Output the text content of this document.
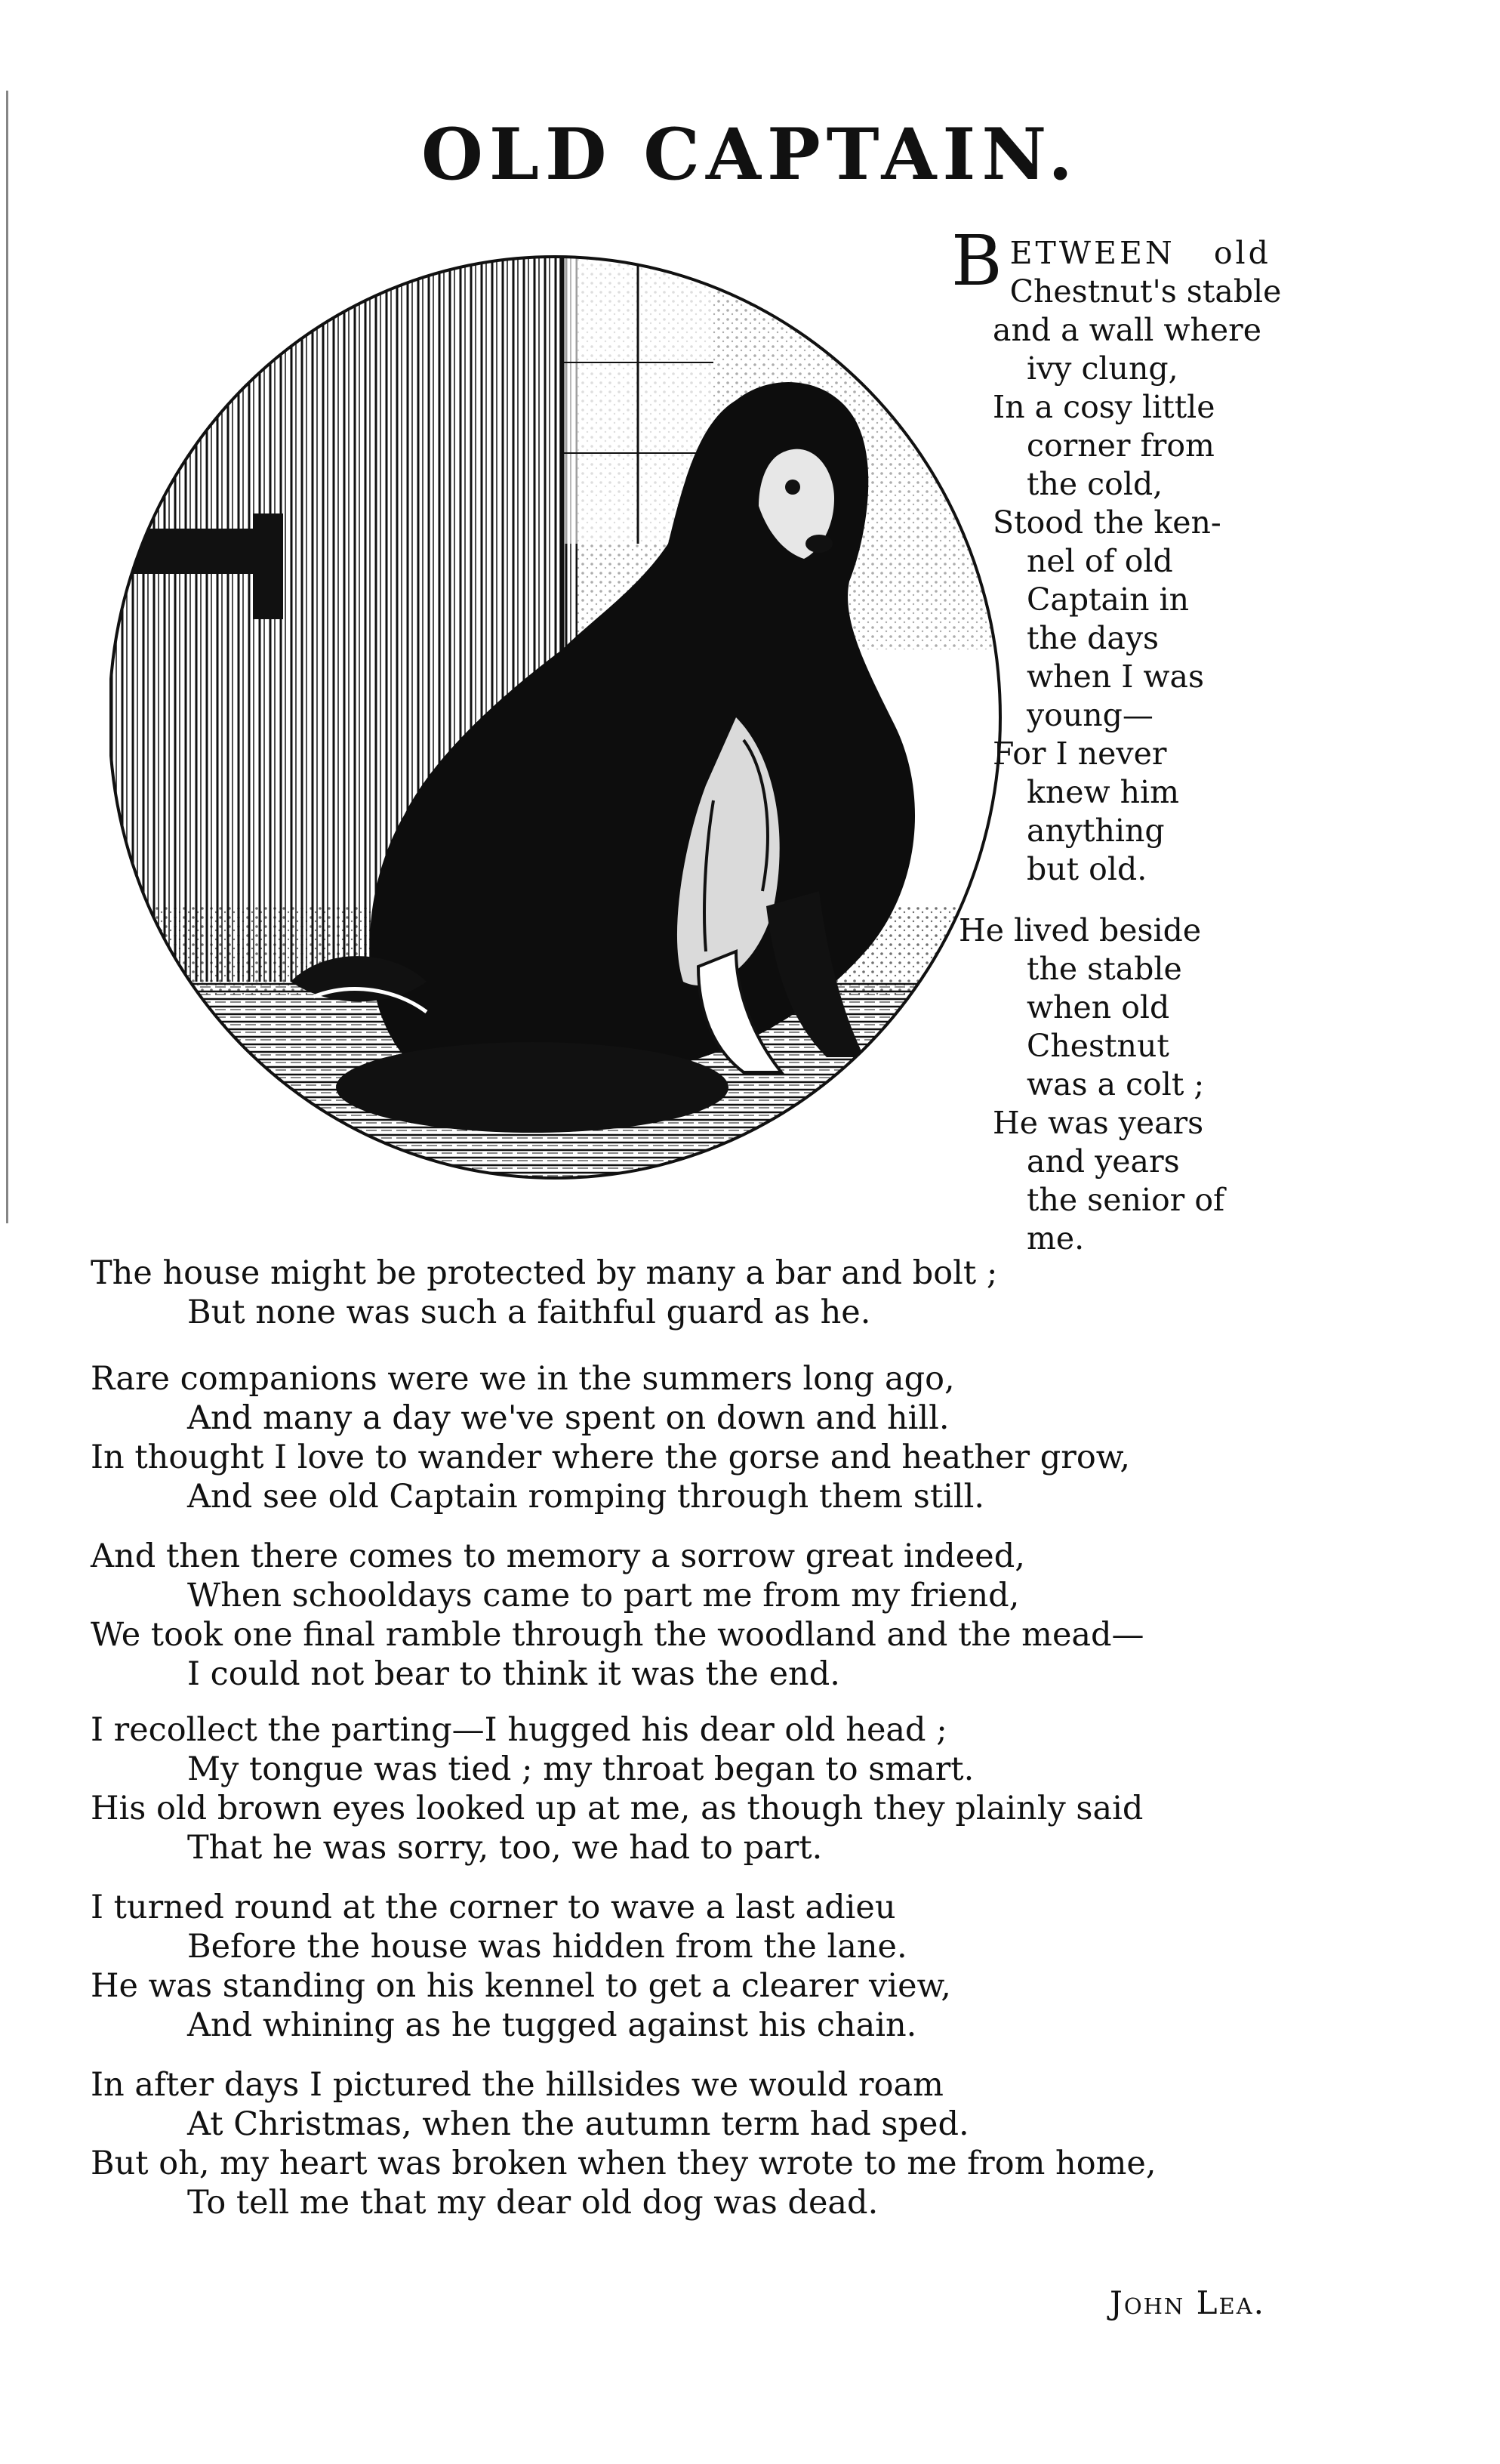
OLD CAPTAIN.
B ETWEEN   old
Chestnut's stable
and a wall where
ivy clung,
In a cosy little
corner from
the cold,
Stood the ken-
nel of old
Captain in
the days
when I was
young—
For I never
knew him
anything
but old.
He lived beside
the stable
when old
Chestnut
was a colt ;
He was years
and years
the senior of
me.
The house might be protected by many a bar and bolt ;
But none was such a faithful guard as he.
Rare companions were we in the summers long ago,
And many a day we've spent on down and hill.
In thought I love to wander where the gorse and heather grow,
And see old Captain romping through them still.
And then there comes to memory a sorrow great indeed,
When schooldays came to part me from my friend,
We took one final ramble through the woodland and the mead—
I could not bear to think it was the end.
I recollect the parting—I hugged his dear old head ;
My tongue was tied ; my throat began to smart.
His old brown eyes looked up at me, as though they plainly said
That he was sorry, too, we had to part.
I turned round at the corner to wave a last adieu
Before the house was hidden from the lane.
He was standing on his kennel to get a clearer view,
And whining as he tugged against his chain.
In after days I pictured the hillsides we would roam
At Christmas, when the autumn term had sped.
But oh, my heart was broken when they wrote to me from home,
To tell me that my dear old dog was dead.
John Lea.
